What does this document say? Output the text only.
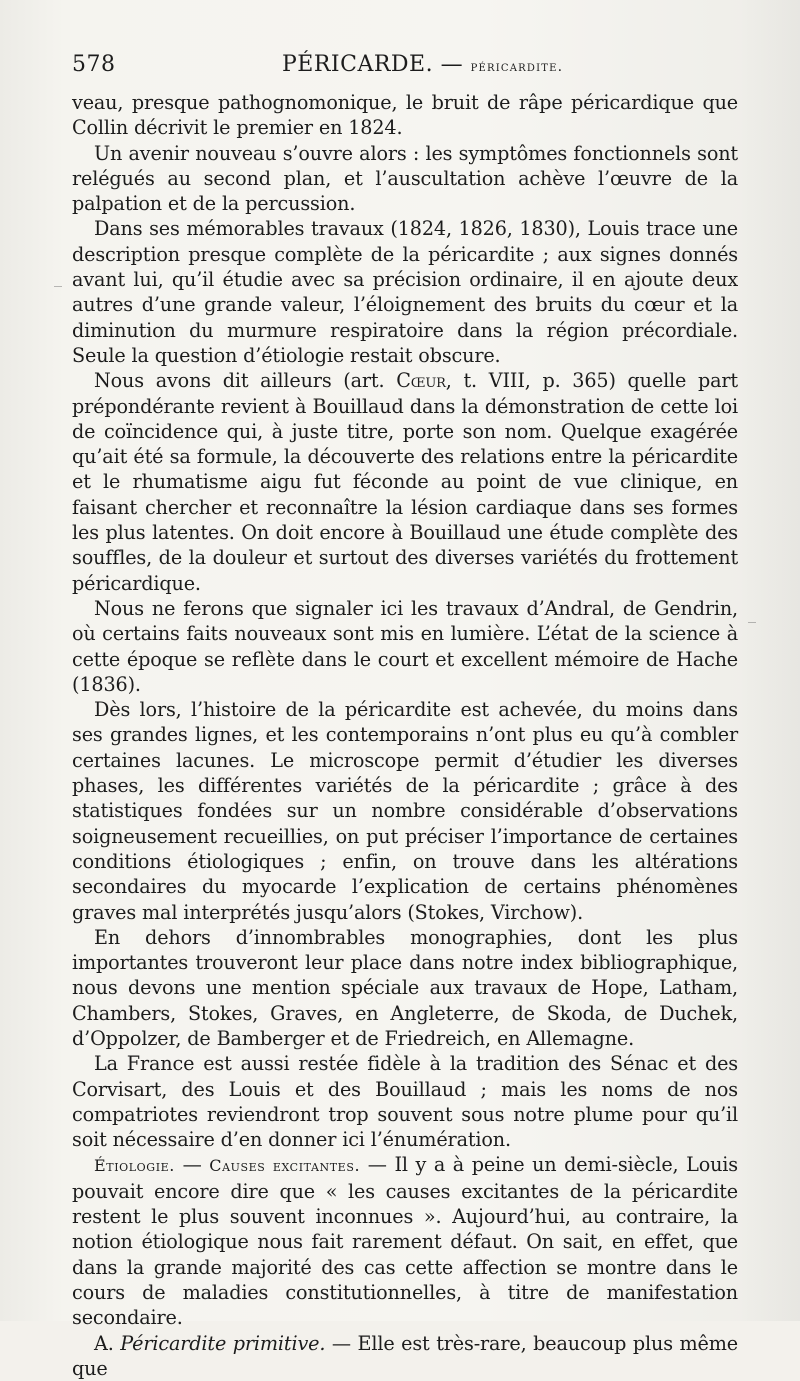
578	PÉRICARDE. — péricardite.

veau, presque pathognomonique, le bruit de râpe péricardique que Collin décrivit le premier en 1824.

Un avenir nouveau s’ouvre alors : les symptômes fonctionnels sont relégués au second plan, et l’auscultation achève l’œuvre de la palpation et de la percussion.

Dans ses mémorables travaux (1824, 1826, 1830), Louis trace une description presque complète de la péricardite ; aux signes donnés avant lui, qu’il étudie avec sa précision ordinaire, il en ajoute deux autres d’une grande valeur, l’éloignement des bruits du cœur et la diminution du murmure respiratoire dans la région précordiale. Seule la question d’étiologie restait obscure.

Nous avons dit ailleurs (art. Cœur, t. VIII, p. 365) quelle part prépondérante revient à Bouillaud dans la démonstration de cette loi de coïncidence qui, à juste titre, porte son nom. Quelque exagérée qu’ait été sa formule, la découverte des relations entre la péricardite et le rhumatisme aigu fut féconde au point de vue clinique, en faisant chercher et reconnaître la lésion cardiaque dans ses formes les plus latentes. On doit encore à Bouillaud une étude complète des souffles, de la douleur et surtout des diverses variétés du frottement péricardique.

Nous ne ferons que signaler ici les travaux d’Andral, de Gendrin, où certains faits nouveaux sont mis en lumière. L’état de la science à cette époque se reflète dans le court et excellent mémoire de Hache (1836).

Dès lors, l’histoire de la péricardite est achevée, du moins dans ses grandes lignes, et les contemporains n’ont plus eu qu’à combler certaines lacunes. Le microscope permit d’étudier les diverses phases, les différentes variétés de la péricardite ; grâce à des statistiques fondées sur un nombre considérable d’observations soigneusement recueillies, on put préciser l’importance de certaines conditions étiologiques ; enfin, on trouve dans les altérations secondaires du myocarde l’explication de certains phénomènes graves mal interprétés jusqu’alors (Stokes, Virchow).

En dehors d’innombrables monographies, dont les plus importantes trouveront leur place dans notre index bibliographique, nous devons une mention spéciale aux travaux de Hope, Latham, Chambers, Stokes, Graves, en Angleterre, de Skoda, de Duchek, d’Oppolzer, de Bamberger et de Friedreich, en Allemagne.

La France est aussi restée fidèle à la tradition des Sénac et des Corvisart, des Louis et des Bouillaud ; mais les noms de nos compatriotes reviendront trop souvent sous notre plume pour qu’il soit nécessaire d’en donner ici l’énumération.

Étiologie. — Causes excitantes. — Il y a à peine un demi-siècle, Louis pouvait encore dire que « les causes excitantes de la péricardite restent le plus souvent inconnues ». Aujourd’hui, au contraire, la notion étiologique nous fait rarement défaut. On sait, en effet, que dans la grande majorité des cas cette affection se montre dans le cours de maladies constitutionnelles, à titre de manifestation secondaire.

A. Péricardite primitive. — Elle est très-rare, beaucoup plus même que
